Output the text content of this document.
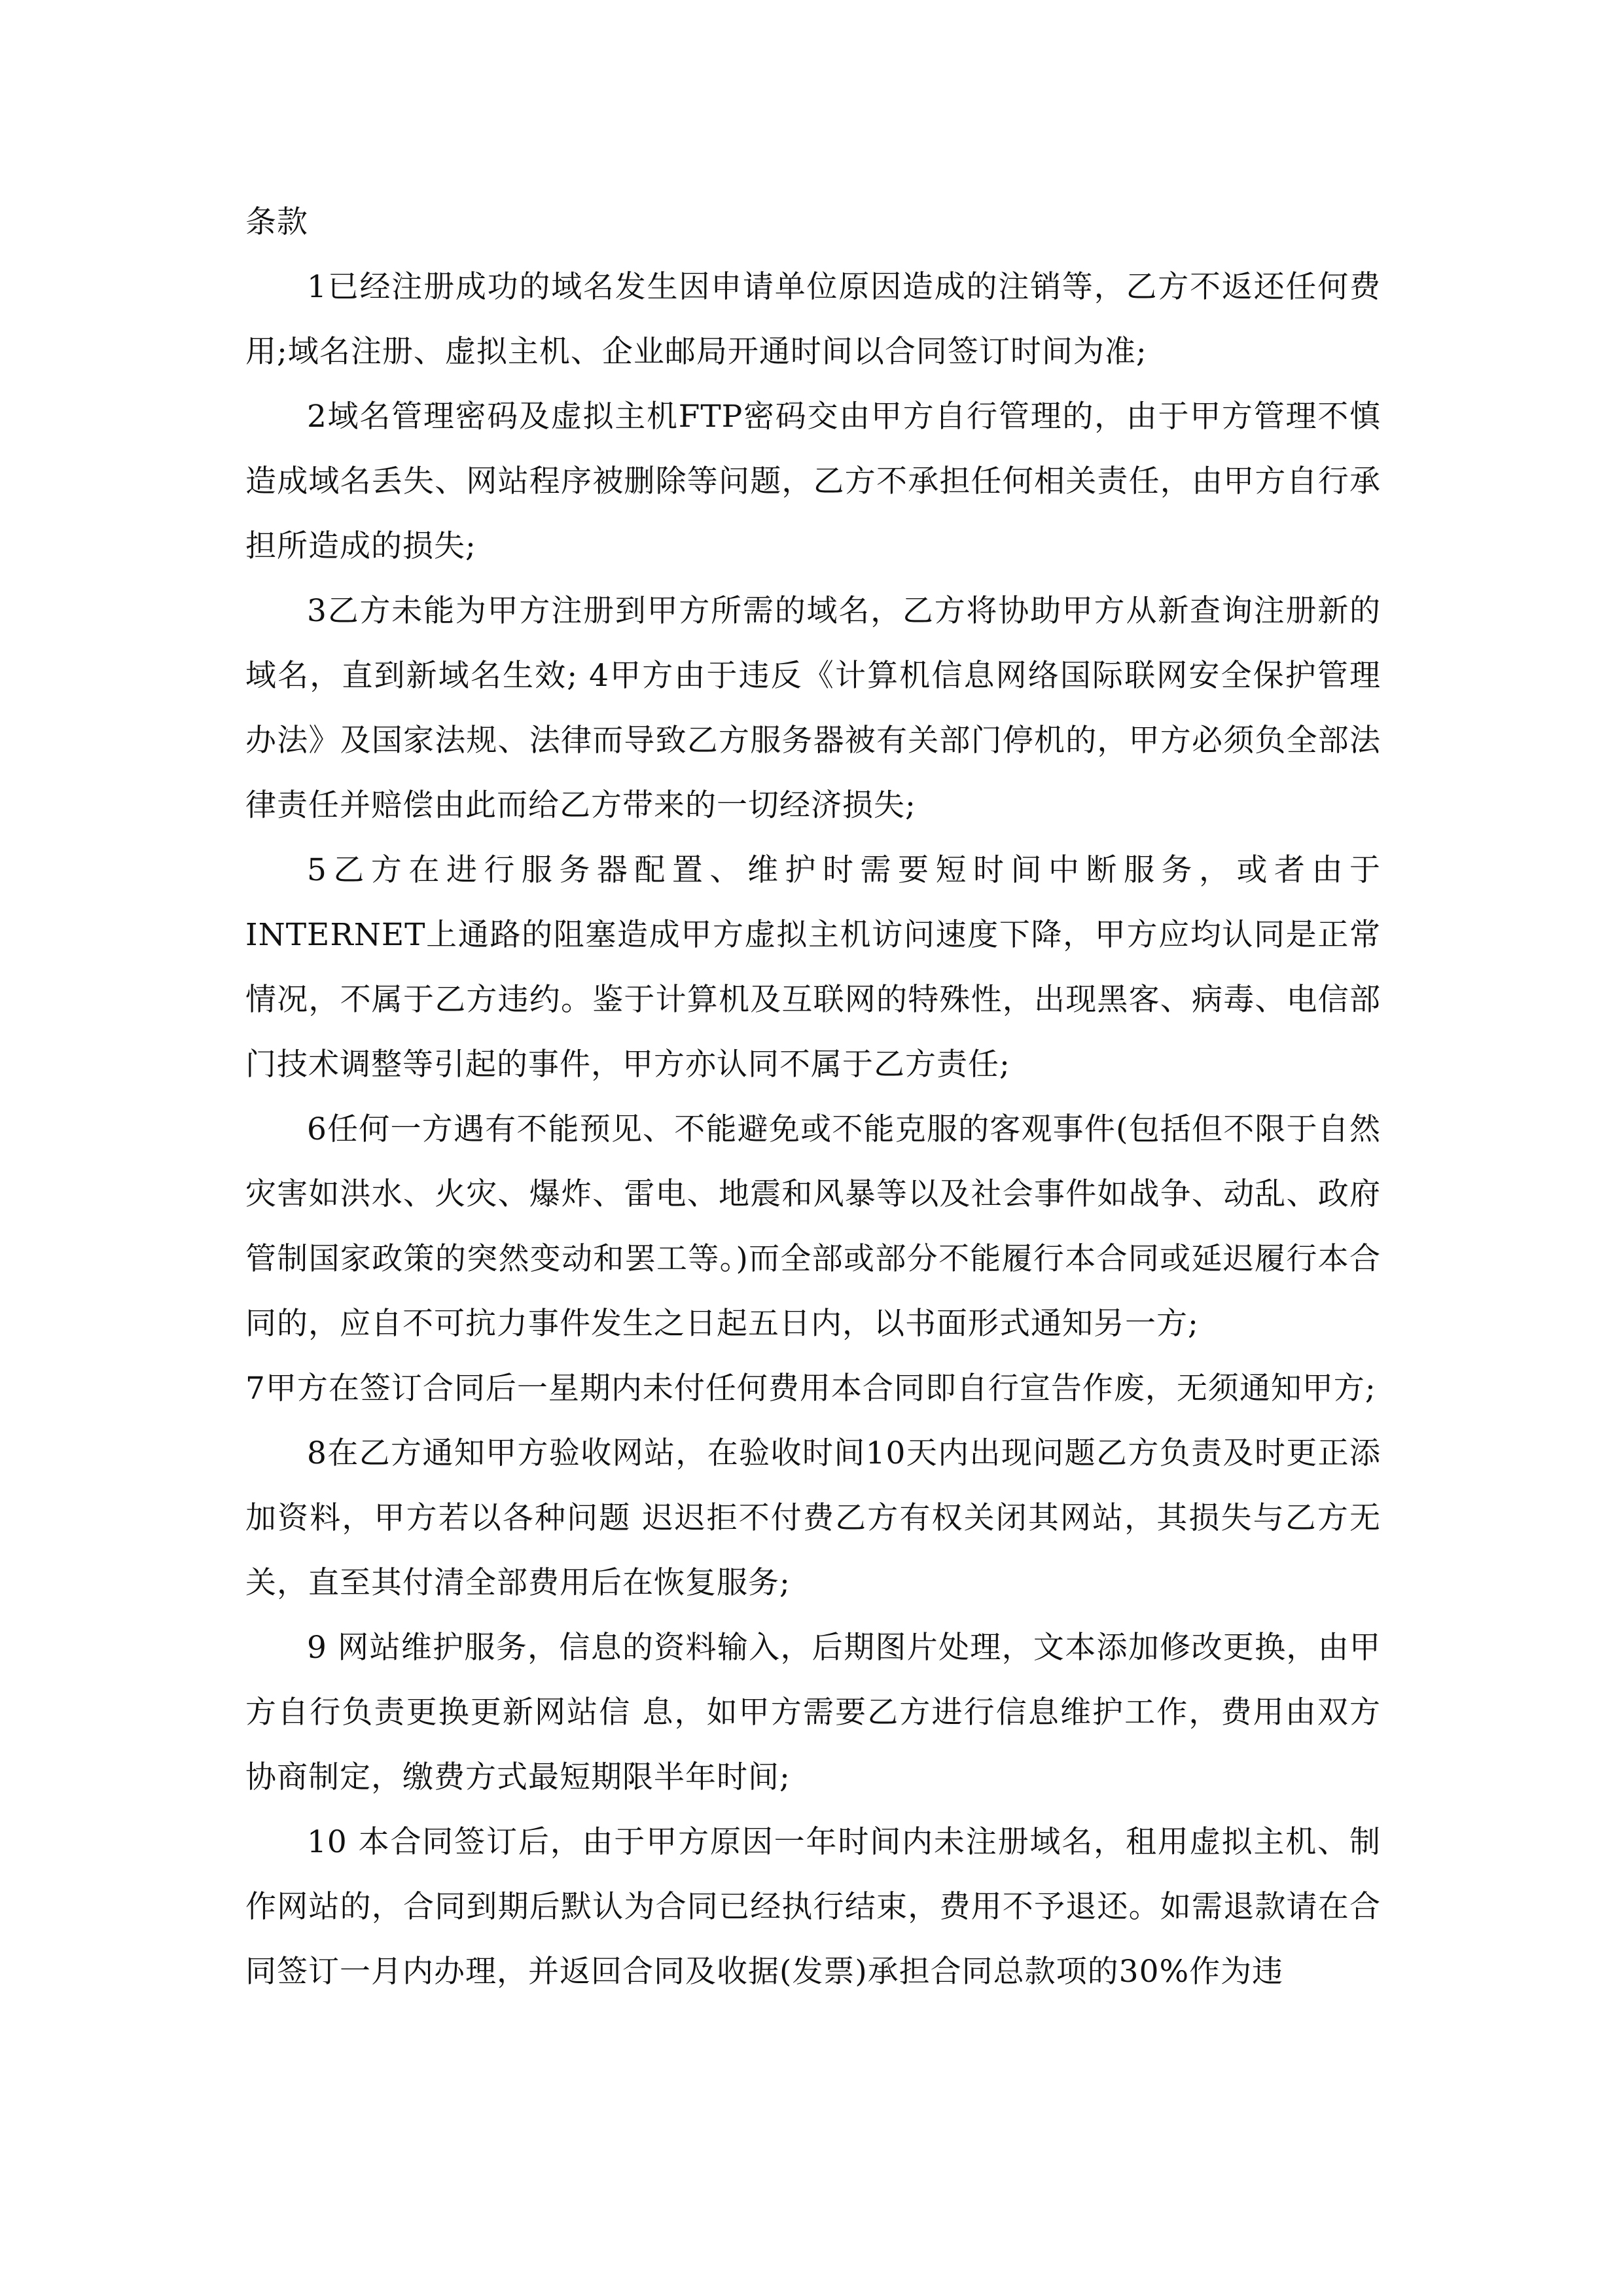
条款

1已经注册成功的域名发生因申请单位原因造成的注销等，乙方不返还任何费用;域名注册、虚拟主机、企业邮局开通时间以合同签订时间为准;

2域名管理密码及虚拟主机FTP密码交由甲方自行管理的，由于甲方管理不慎造成域名丢失、网站程序被删除等问题，乙方不承担任何相关责任，由甲方自行承担所造成的损失;

3乙方未能为甲方注册到甲方所需的域名，乙方将协助甲方从新查询注册新的域名，直到新域名生效; 4甲方由于违反《计算机信息网络国际联网安全保护管理办法》及国家法规、法律而导致乙方服务器被有关部门停机的，甲方必须负全部法律责任并赔偿由此而给乙方带来的一切经济损失;

5乙方在进行服务器配置、维护时需要短时间中断服务，或者由于INTERNET上通路的阻塞造成甲方虚拟主机访问速度下降，甲方应均认同是正常情况，不属于乙方违约。鉴于计算机及互联网的特殊性，出现黑客、病毒、电信部门技术调整等引起的事件，甲方亦认同不属于乙方责任;

6任何一方遇有不能预见、不能避免或不能克服的客观事件(包括但不限于自然灾害如洪水、火灾、爆炸、雷电、地震和风暴等以及社会事件如战争、动乱、政府管制国家政策的突然变动和罢工等。)而全部或部分不能履行本合同或延迟履行本合同的，应自不可抗力事件发生之日起五日内，以书面形式通知另一方;

7甲方在签订合同后一星期内未付任何费用本合同即自行宣告作废，无须通知甲方;

8在乙方通知甲方验收网站，在验收时间10天内出现问题乙方负责及时更正添加资料，甲方若以各种问题 迟迟拒不付费乙方有权关闭其网站，其损失与乙方无关，直至其付清全部费用后在恢复服务;

9 网站维护服务，信息的资料输入，后期图片处理，文本添加修改更换，由甲方自行负责更换更新网站信 息，如甲方需要乙方进行信息维护工作，费用由双方协商制定，缴费方式最短期限半年时间;

10 本合同签订后，由于甲方原因一年时间内未注册域名，租用虚拟主机、制作网站的，合同到期后默认为合同已经执行结束，费用不予退还。如需退款请在合同签订一月内办理，并返回合同及收据(发票)承担合同总款项的30%作为违
